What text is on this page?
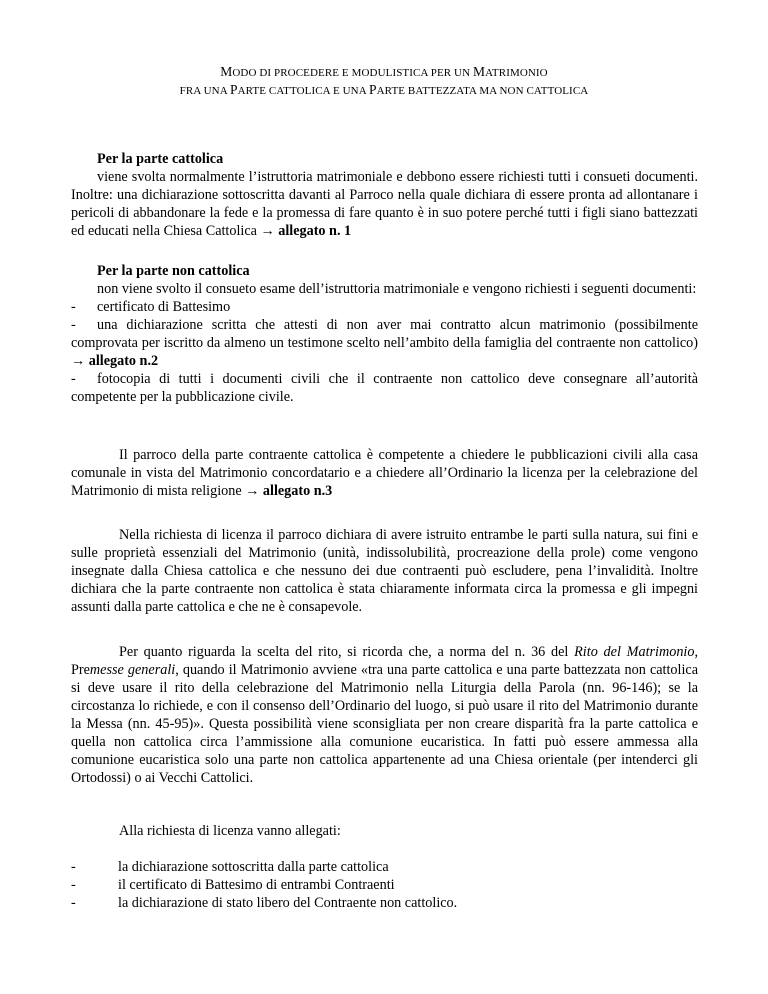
MODO DI PROCEDERE E MODULISTICA PER UN MATRIMONIO
FRA UNA PARTE CATTOLICA E UNA PARTE BATTEZZATA MA NON CATTOLICA
Per la parte cattolica
viene svolta normalmente l’istruttoria matrimoniale e debbono essere richiesti tutti i consueti documenti. Inoltre: una dichiarazione sottoscritta davanti al Parroco nella quale dichiara di essere pronta ad allontanare i pericoli di abbandonare la fede e la promessa di fare quanto è in suo potere perché tutti i figli siano battezzati ed educati nella Chiesa Cattolica → allegato n. 1
Per la parte non cattolica
non viene svolto il consueto esame dell’istruttoria matrimoniale e vengono richiesti i seguenti documenti:
- certificato di Battesimo
- una dichiarazione scritta che attesti di non aver mai contratto alcun matrimonio (possibilmente comprovata per iscritto da almeno un testimone scelto nell’ambito della famiglia del contraente non cattolico) → allegato n.2
- fotocopia di tutti i documenti civili che il contraente non cattolico deve consegnare all’autorità competente per la pubblicazione civile.
Il parroco della parte contraente cattolica è competente a chiedere le pubblicazioni civili alla casa comunale in vista del Matrimonio concordatario e a chiedere all’Ordinario la licenza per la celebrazione del Matrimonio di mista religione → allegato n.3
Nella richiesta di licenza il parroco dichiara di avere istruito entrambe le parti sulla natura, sui fini e sulle proprietà essenziali del Matrimonio (unità, indissolubilità, procreazione della prole) come vengono insegnate dalla Chiesa cattolica e che nessuno dei due contraenti può escludere, pena l’invalidità. Inoltre dichiara che la parte contraente non cattolica è stata chiaramente informata circa la promessa e gli impegni assunti dalla parte cattolica e che ne è consapevole.
Per quanto riguarda la scelta del rito, si ricorda che, a norma del n. 36 del Rito del Matrimonio, Premesse generali, quando il Matrimonio avviene «tra una parte cattolica e una parte battezzata non cattolica si deve usare il rito della celebrazione del Matrimonio nella Liturgia della Parola (nn. 96-146); se la circostanza lo richiede, e con il consenso dell’Ordinario del luogo, si può usare il rito del Matrimonio durante la Messa (nn. 45-95)». Questa possibilità viene sconsigliata per non creare disparità fra la parte cattolica e quella non cattolica circa l’ammissione alla comunione eucaristica. In fatti può essere ammessa alla comunione eucaristica solo una parte non cattolica appartenente ad una Chiesa orientale (per intenderci gli Ortodossi) o ai Vecchi Cattolici.
Alla richiesta di licenza vanno allegati:
-	la dichiarazione sottoscritta dalla parte cattolica
-	il certificato di Battesimo di entrambi Contraenti
-	la dichiarazione di stato libero del Contraente non cattolico.
